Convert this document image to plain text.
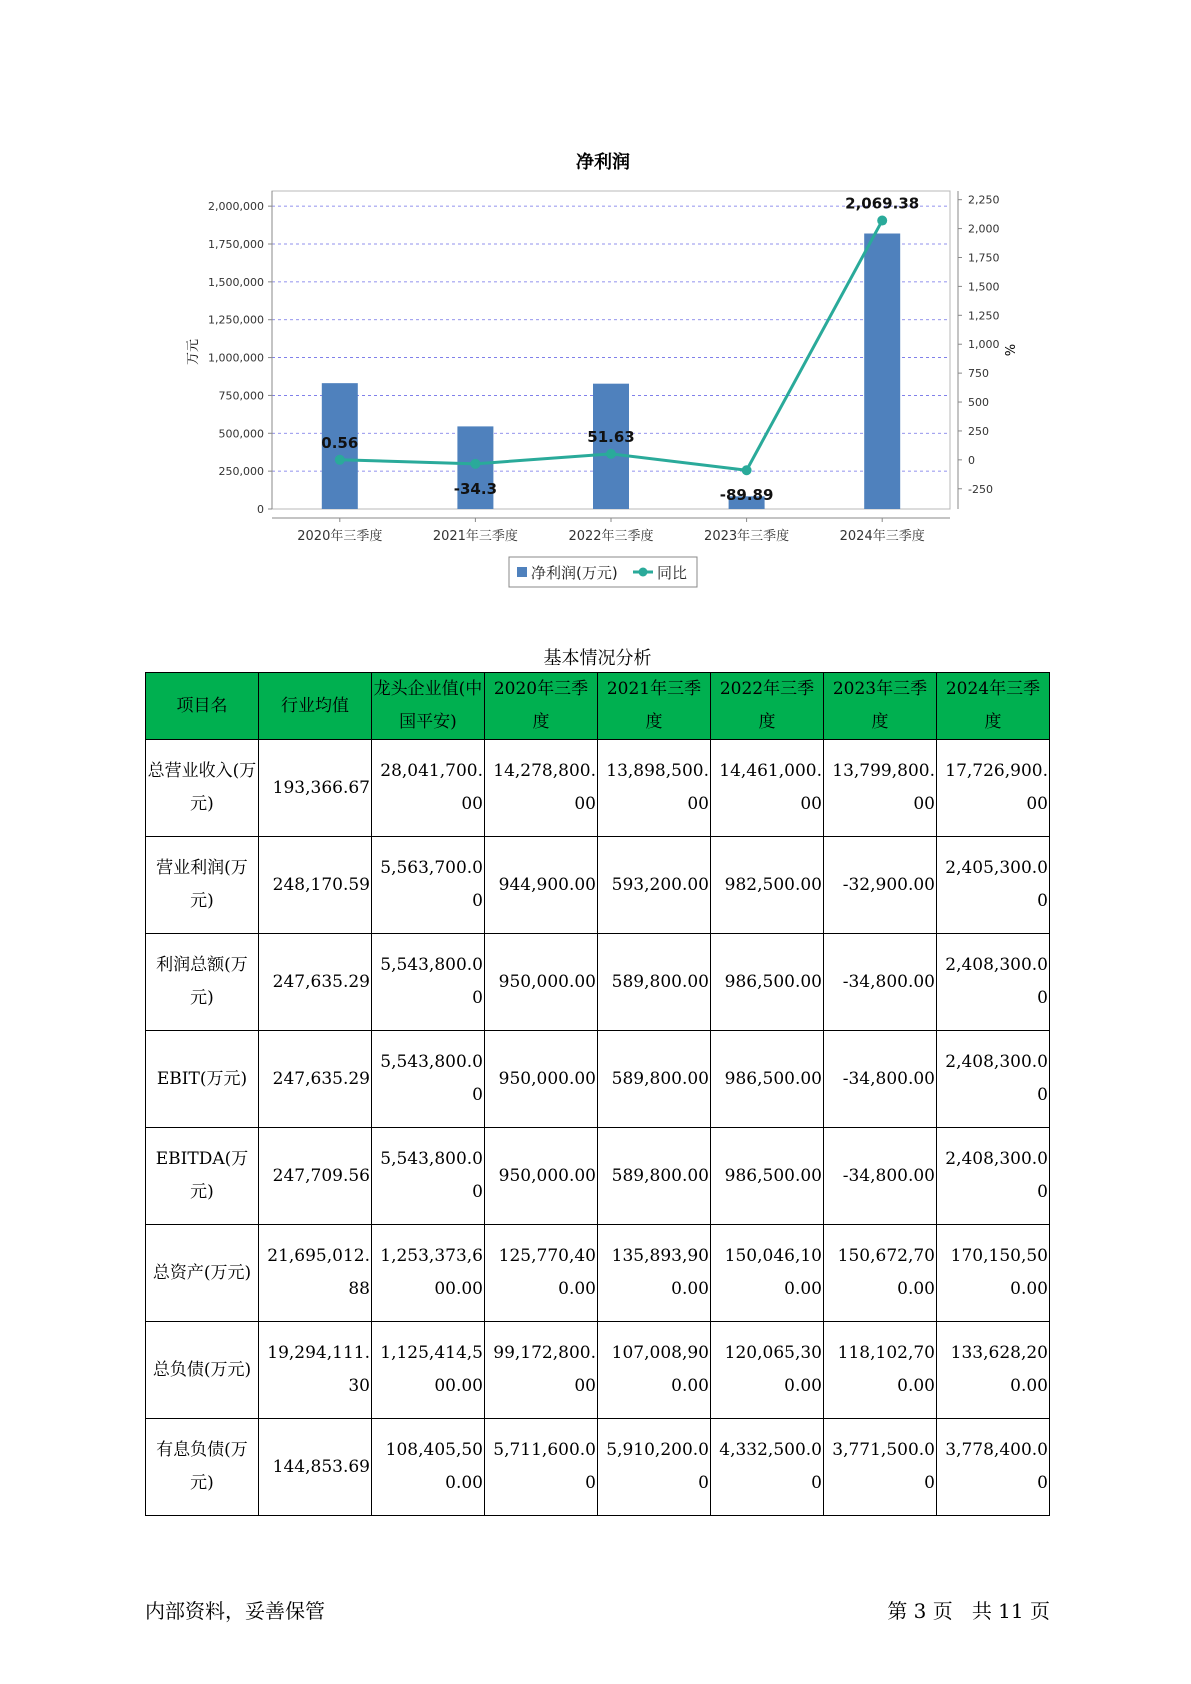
净利润
0
250,000
500,000
750,000
1,000,000
1,250,000
1,500,000
1,750,000
2,000,000
-250
0
250
500
750
1,000
1,250
1,500
1,750
2,000
2,250
万元	%
2020年三季度	2021年三季度	2022年三季度	2023年三季度	2024年三季度
0.56
-34.3
51.63
-89.89
2,069.38
净利润(万元)	同比
基本情况分析
项目名	行业均值	龙头企业值(中国平安)	2020年三季度	2021年三季度	2022年三季度	2023年三季度	2024年三季度
总营业收入(万元)	193,366.67	28,041,700.00	14,278,800.00	13,898,500.00	14,461,000.00	13,799,800.00	17,726,900.00
营业利润(万元)	248,170.59	5,563,700.00	944,900.00	593,200.00	982,500.00	-32,900.00	2,405,300.00
利润总额(万元)	247,635.29	5,543,800.00	950,000.00	589,800.00	986,500.00	-34,800.00	2,408,300.00
EBIT(万元)	247,635.29	5,543,800.00	950,000.00	589,800.00	986,500.00	-34,800.00	2,408,300.00
EBITDA(万元)	247,709.56	5,543,800.00	950,000.00	589,800.00	986,500.00	-34,800.00	2,408,300.00
总资产(万元)	21,695,012.88	1,253,373,600.00	125,770,400.00	135,893,900.00	150,046,100.00	150,672,700.00	170,150,500.00
总负债(万元)	19,294,111.30	1,125,414,500.00	99,172,800.00	107,008,900.00	120,065,300.00	118,102,700.00	133,628,200.00
有息负债(万元)	144,853.69	108,405,500.00	5,711,600.00	5,910,200.00	4,332,500.00	3,771,500.00	3,778,400.00
内部资料，妥善保管	第 3 页   共 11 页
